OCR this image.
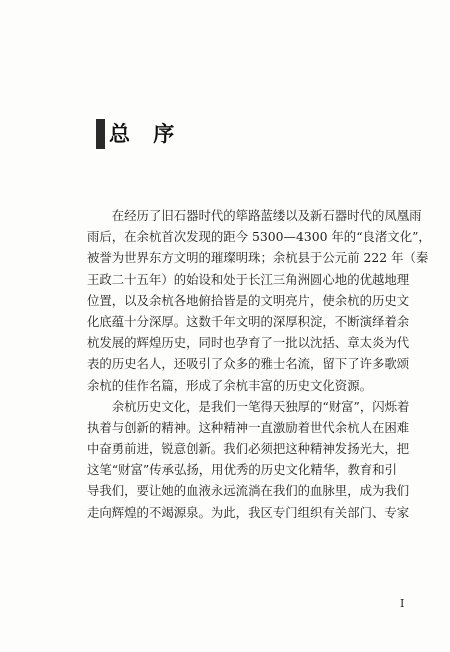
总 序
　　在经历了旧石器时代的筚路蓝缕以及新石器时代的凤凰雨
雨后，在余杭首次发现的距今 5300—4300 年的“良渚文化”，
被誉为世界东方文明的璀璨明珠；余杭县于公元前 222 年（秦
王政二十五年）的始设和处于长江三角洲圆心地的优越地理
位置，以及余杭各地俯拾皆是的文明亮片，使余杭的历史文
化底蕴十分深厚。这数千年文明的深厚积淀，不断演绎着余
杭发展的辉煌历史，同时也孕育了一批以沈括、章太炎为代
表的历史名人，还吸引了众多的雅士名流，留下了许多歌颂
余杭的佳作名篇，形成了余杭丰富的历史文化资源。
　　余杭历史文化，是我们一笔得天独厚的“财富”，闪烁着
执着与创新的精神。这种精神一直激励着世代余杭人在困难
中奋勇前进，锐意创新。我们必须把这种精神发扬光大，把
这笔“财富”传承弘扬，用优秀的历史文化精华，教育和引
导我们，要让她的血液永远流淌在我们的血脉里，成为我们
走向辉煌的不竭源泉。为此，我区专门组织有关部门、专家
I
